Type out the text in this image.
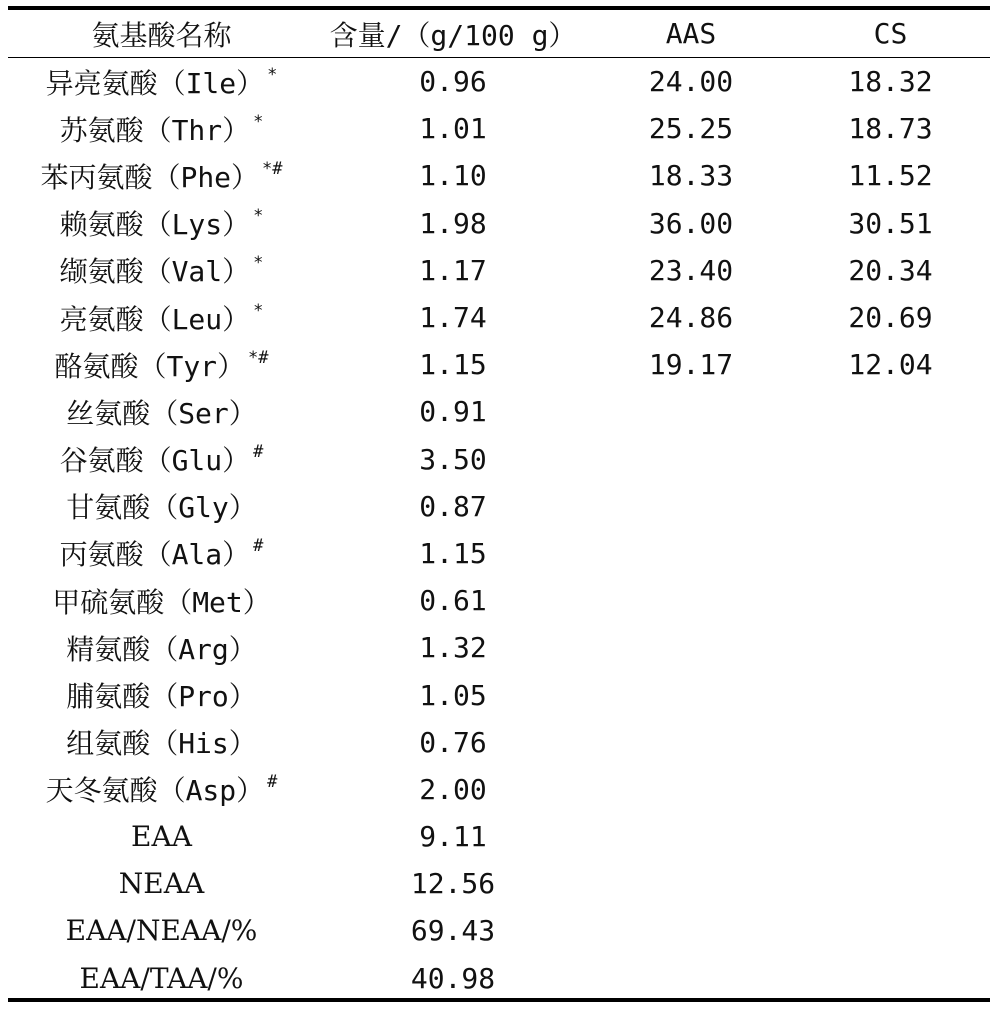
氨基酸名称	含量/（g/100 g）	AAS	CS
异亮氨酸（Ile） *	0.96	24.00	18.32
苏氨酸（Thr） *	1.01	25.25	18.73
苯丙氨酸（Phe） *#	1.10	18.33	11.52
赖氨酸（Lys） *	1.98	36.00	30.51
缬氨酸（Val） *	1.17	23.40	20.34
亮氨酸（Leu） *	1.74	24.86	20.69
酪氨酸（Tyr） *#	1.15	19.17	12.04
丝氨酸（Ser）	0.91		
谷氨酸（Glu） #	3.50		
甘氨酸（Gly）	0.87		
丙氨酸（Ala） #	1.15		
甲硫氨酸（Met）	0.61		
精氨酸（Arg）	1.32		
脯氨酸（Pro）	1.05		
组氨酸（His）	0.76		
天冬氨酸（Asp） #	2.00		
EAA	9.11		
NEAA	12.56		
EAA/NEAA/%	69.43		
EAA/TAA/%	40.98		
